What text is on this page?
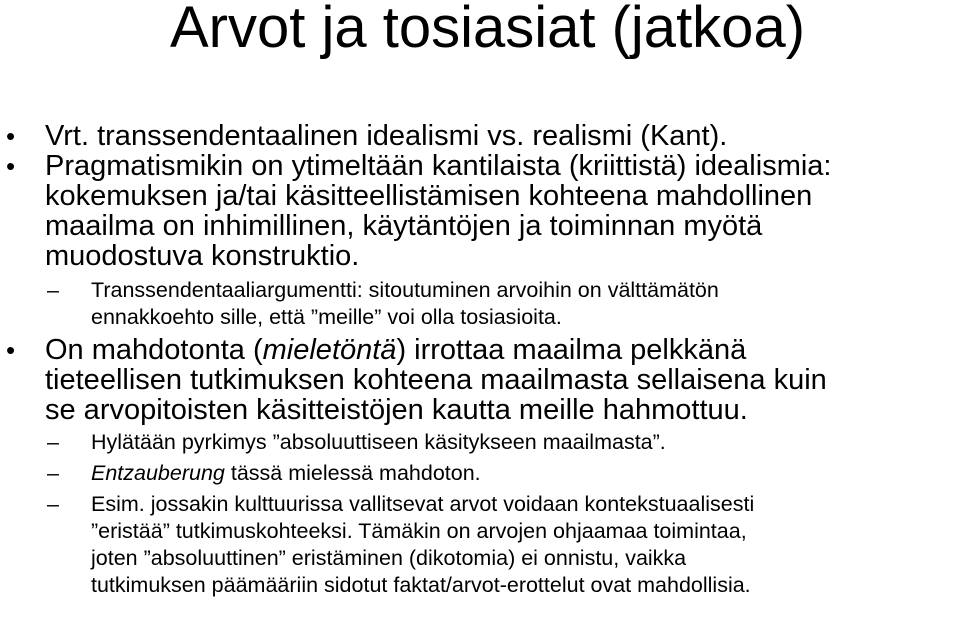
Arvot ja tosiasiat (jatkoa)
• Vrt. transsendentaalinen idealismi vs. realismi (Kant).
• Pragmatismikin on ytimeltään kantilaista (kriittistä) idealismia:
kokemuksen ja/tai käsitteellistämisen kohteena mahdollinen
maailma on inhimillinen, käytäntöjen ja toiminnan myötä
muodostuva konstruktio.
– Transsendentaaliargumentti: sitoutuminen arvoihin on välttämätön
ennakkoehto sille, että ”meille” voi olla tosiasioita.
• On mahdotonta (mieletöntä) irrottaa maailma pelkkänä
tieteellisen tutkimuksen kohteena maailmasta sellaisena kuin
se arvopitoisten käsitteistöjen kautta meille hahmottuu.
– Hylätään pyrkimys ”absoluuttiseen käsitykseen maailmasta”.
– Entzauberung tässä mielessä mahdoton.
– Esim. jossakin kulttuurissa vallitsevat arvot voidaan kontekstuaalisesti
”eristää” tutkimuskohteeksi. Tämäkin on arvojen ohjaamaa toimintaa,
joten ”absoluuttinen” eristäminen (dikotomia) ei onnistu, vaikka
tutkimuksen päämääriin sidotut faktat/arvot-erottelut ovat mahdollisia.
